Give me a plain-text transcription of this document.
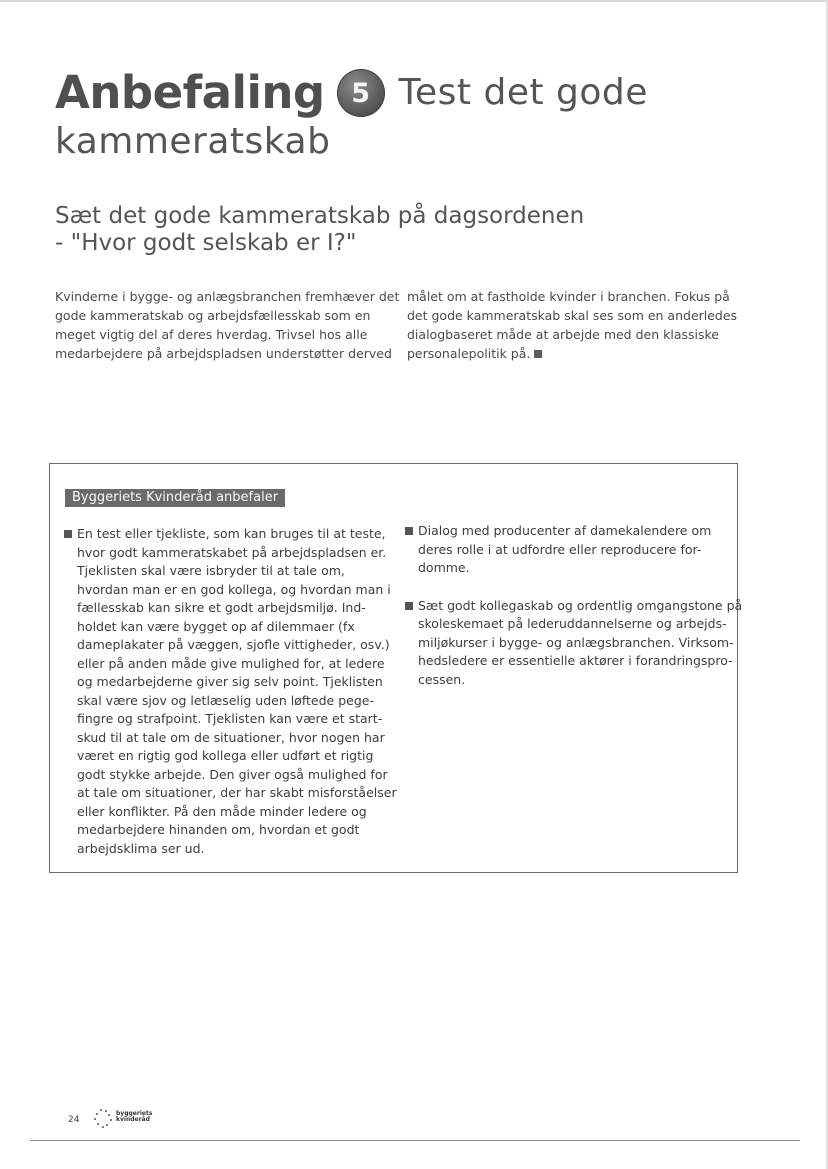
Anbefaling 5 Test det gode
kammeratskab
Sæt det gode kammeratskab på dagsordenen
- "Hvor godt selskab er I?"

Kvinderne i bygge- og anlægsbranchen fremhæver det

gode kammeratskab og arbejdsfællesskab som en

meget vigtig del af deres hverdag. Trivsel hos alle

medarbejdere på arbejdspladsen understøtter derved

målet om at fastholde kvinder i branchen. Fokus på

det gode kammeratskab skal ses som en anderledes

dialogbaseret måde at arbejde med den klassiske

personalepolitik på.

Byggeriets Kvinderåd anbefaler
En test eller tjekliste, som kan bruges til at teste,
hvor godt kammeratskabet på arbejdspladsen er.
Tjeklisten skal være isbryder til at tale om,
hvordan man er en god kollega, og hvordan man i
fællesskab kan sikre et godt arbejdsmiljø. Ind-
holdet kan være bygget op af dilemmaer (fx
dameplakater på væggen, sjofle vittigheder, osv.)
eller på anden måde give mulighed for, at ledere
og medarbejderne giver sig selv point. Tjeklisten
skal være sjov og letlæselig uden løftede pege-
fingre og strafpoint. Tjeklisten kan være et start-
skud til at tale om de situationer, hvor nogen har
været en rigtig god kollega eller udført et rigtig
godt stykke arbejde. Den giver også mulighed for
at tale om situationer, der har skabt misforståelser
eller konflikter. På den måde minder ledere og
medarbejdere hinanden om, hvordan et godt
arbejdsklima ser ud.
Dialog med producenter af damekalendere om
deres rolle i at udfordre eller reproducere for-
domme.
Sæt godt kollegaskab og ordentlig omgangstone på
skoleskemaet på lederuddannelserne og arbejds-
miljøkurser i bygge- og anlægsbranchen. Virksom-
hedsledere er essentielle aktører i forandringspro-
cessen.
24
byggeriets
kvinderåd
